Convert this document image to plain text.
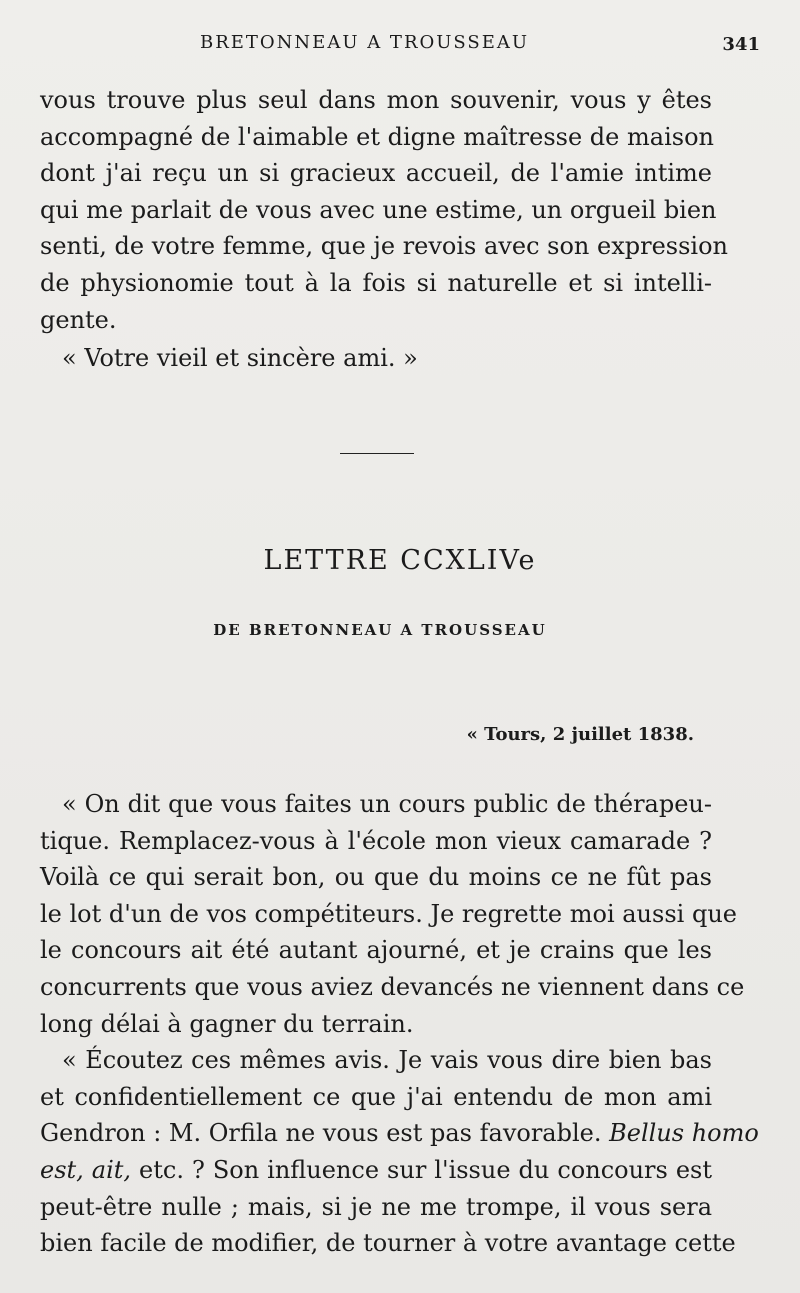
BRETONNEAU A TROUSSEAU	341
vous trouve plus seul dans mon souvenir, vous y êtes
accompagné de l'aimable et digne maîtresse de maison
dont j'ai reçu un si gracieux accueil, de l'amie intime
qui me parlait de vous avec une estime, un orgueil bien
senti, de votre femme, que je revois avec son expression
de physionomie tout à la fois si naturelle et si intelli-
gente.
« Votre vieil et sincère ami. »
LETTRE CCXLIVe
DE BRETONNEAU A TROUSSEAU
« Tours, 2 juillet 1838.
« On dit que vous faites un cours public de thérapeu-
tique. Remplacez-vous à l'école mon vieux camarade ?
Voilà ce qui serait bon, ou que du moins ce ne fût pas
le lot d'un de vos compétiteurs. Je regrette moi aussi que
le concours ait été autant ajourné, et je crains que les
concurrents que vous aviez devancés ne viennent dans ce
long délai à gagner du terrain.
« Écoutez ces mêmes avis. Je vais vous dire bien bas
et confidentiellement ce que j'ai entendu de mon ami
Gendron : M. Orfila ne vous est pas favorable. Bellus homo
est, ait, etc. ? Son influence sur l'issue du concours est
peut-être nulle ; mais, si je ne me trompe, il vous sera
bien facile de modifier, de tourner à votre avantage cette
